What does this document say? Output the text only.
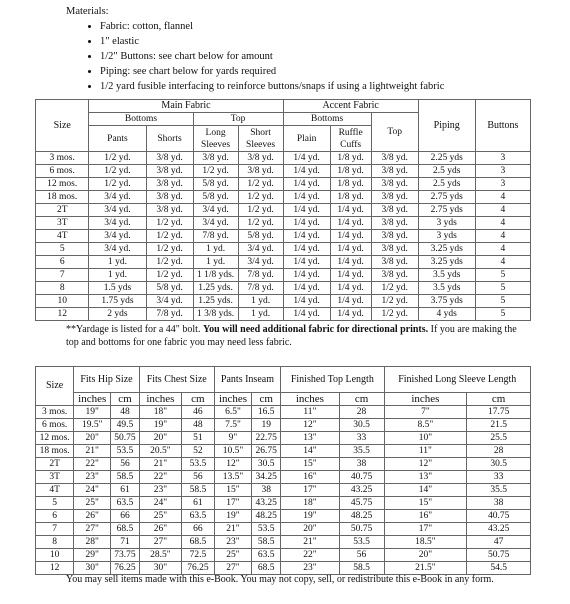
Materials:
• Fabric: cotton, flannel
• 1" elastic
• 1/2" Buttons: see chart below for amount
• Piping: see chart below for yards required
• 1/2 yard fusible interfacing to reinforce buttons/snaps if using a lightweight fabric
Size	Main Fabric				Accent Fabric			Piping	Buttons
	Bottoms		Top		Bottoms		Top		
	Pants	Shorts	Long Sleeves	Short Sleeves	Plain	Ruffle Cuffs			
3 mos.	1/2 yd.	3/8 yd.	3/8 yd.	3/8 yd.	1/4 yd.	1/8 yd.	3/8 yd.	2.25 yds	3
6 mos.	1/2 yd.	3/8 yd.	1/2 yd.	3/8 yd.	1/4 yd.	1/8 yd.	3/8 yd.	2.5 yds	3
12 mos.	1/2 yd.	3/8 yd.	5/8 yd.	1/2 yd.	1/4 yd.	1/8 yd.	3/8 yd.	2.5 yds	3
18 mos.	3/4 yd.	3/8 yd.	5/8 yd.	1/2 yd.	1/4 yd.	1/8 yd.	3/8 yd.	2.75 yds	4
2T	3/4 yd.	3/8 yd.	3/4 yd.	1/2 yd.	1/4 yd.	1/4 yd.	3/8 yd.	2.75 yds	4
3T	3/4 yd.	1/2 yd.	3/4 yd.	1/2 yd.	1/4 yd.	1/4 yd.	3/8 yd.	3 yds	4
4T	3/4 yd.	1/2 yd.	7/8 yd.	5/8 yd.	1/4 yd.	1/4 yd.	3/8 yd.	3 yds	4
5	3/4 yd.	1/2 yd.	1 yd.	3/4 yd.	1/4 yd.	1/4 yd.	3/8 yd.	3.25 yds	4
6	1 yd.	1/2 yd.	1 yd.	3/4 yd.	1/4 yd.	1/4 yd.	3/8 yd.	3.25 yds	4
7	1 yd.	1/2 yd.	1 1/8 yds.	7/8 yd.	1/4 yd.	1/4 yd.	3/8 yd.	3.5 yds	5
8	1.5 yds	5/8 yd.	1.25 yds.	7/8 yd.	1/4 yd.	1/4 yd.	1/2 yd.	3.5 yds	5
10	1.75 yds	3/4 yd.	1.25 yds.	1 yd.	1/4 yd.	1/4 yd.	1/2 yd.	3.75 yds	5
12	2 yds	7/8 yd.	1 3/8 yds.	1 yd.	1/4 yd.	1/4 yd.	1/2 yd.	4 yds	5
**Yardage is listed for a 44" bolt. You will need additional fabric for directional prints. If you are making the top and bottoms for one fabric you may need less fabric.
Size	Fits Hip Size		Fits Chest Size		Pants Inseam		Finished Top Length		Finished Long Sleeve Length	
	inches	cm	inches	cm	inches	cm	inches	cm	inches	cm
3 mos.	19"	48	18"	46	6.5"	16.5	11"	28	7"	17.75
6 mos.	19.5"	49.5	19"	48	7.5"	19	12"	30.5	8.5"	21.5
12 mos.	20"	50.75	20"	51	9"	22.75	13"	33	10"	25.5
18 mos.	21"	53.5	20.5"	52	10.5"	26.75	14"	35.5	11"	28
2T	22"	56	21"	53.5	12"	30.5	15"	38	12"	30.5
3T	23"	58.5	22"	56	13.5"	34.25	16"	40.75	13"	33
4T	24"	61	23"	58.5	15"	38	17"	43.25	14"	35.5
5	25"	63.5	24"	61	17"	43.25	18"	45.75	15"	38
6	26"	66	25"	63.5	19"	48.25	19"	48.25	16"	40.75
7	27"	68.5	26"	66	21"	53.5	20"	50.75	17"	43.25
8	28"	71	27"	68.5	23"	58.5	21"	53.5	18.5"	47
10	29"	73.75	28.5"	72.5	25"	63.5	22"	56	20"	50.75
12	30"	76.25	30"	76.25	27"	68.5	23"	58.5	21.5"	54.5
You may sell items made with this e-Book. You may not copy, sell, or redistribute this e-Book in any form.
